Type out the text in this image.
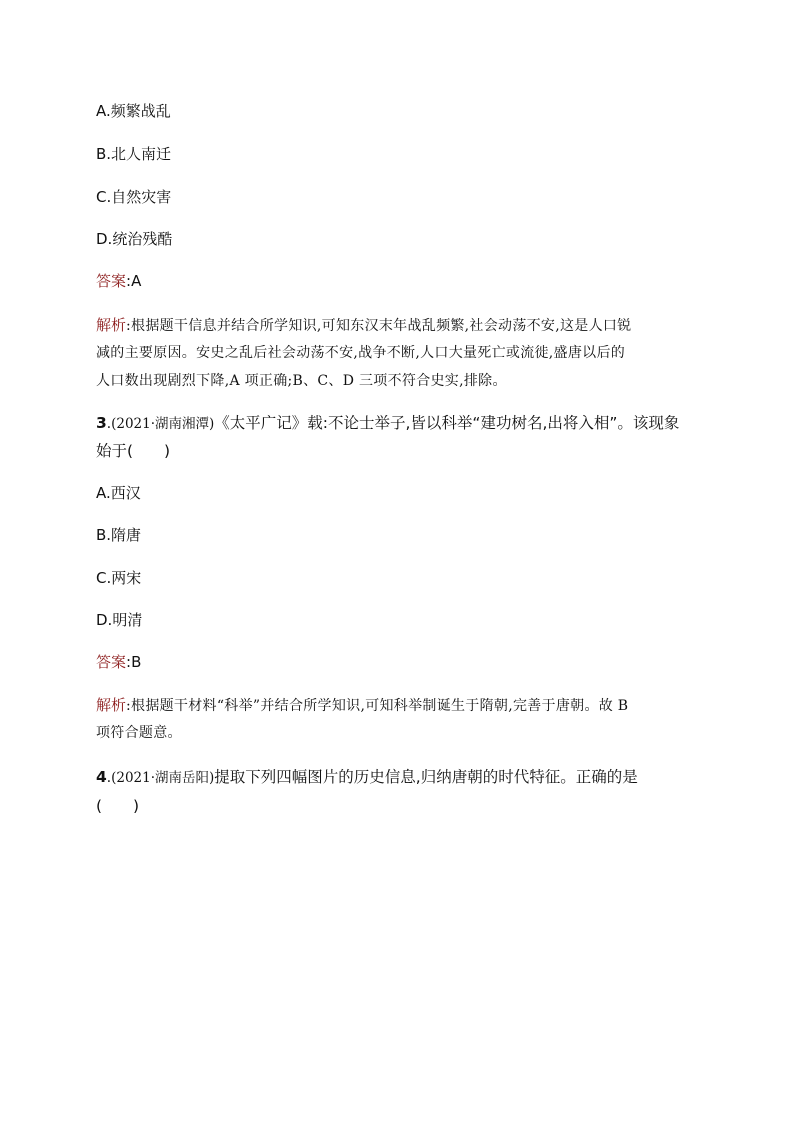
A.频繁战乱
B.北人南迁
C.自然灾害
D.统治残酷
答案:A
解析:根据题干信息并结合所学知识,可知东汉末年战乱频繁,社会动荡不安,这是人口锐
减的主要原因。安史之乱后社会动荡不安,战争不断,人口大量死亡或流徙,盛唐以后的
人口数出现剧烈下降,A 项正确;B、C、D 三项不符合史实,排除。
3.(2021·湖南湘潭)《太平广记》载:不论士举子,皆以科举“建功树名,出将入相”。该现象
始于(　　)
A.西汉
B.隋唐
C.两宋
D.明清
答案:B
解析:根据题干材料“科举”并结合所学知识,可知科举制诞生于隋朝,完善于唐朝。故 B
项符合题意。
4.(2021·湖南岳阳)提取下列四幅图片的历史信息,归纳唐朝的时代特征。正确的是
(　　)
